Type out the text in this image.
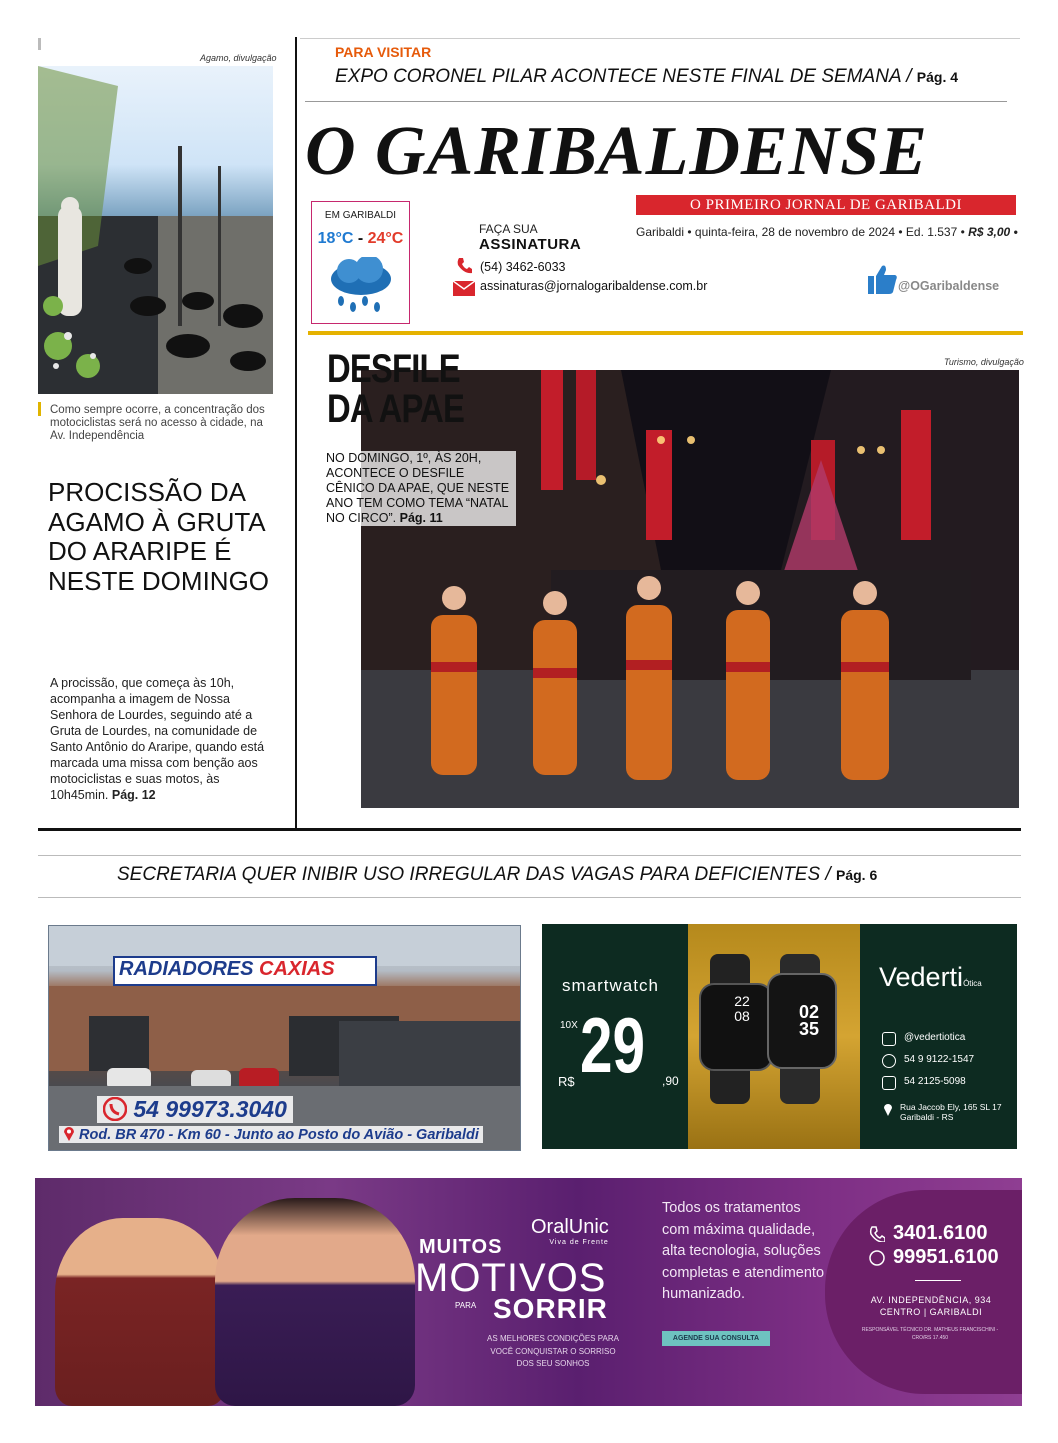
Agamo, divulgação
Como sempre ocorre, a concentração dos motociclistas será no acesso à cidade, na Av. Independência
PROCISSÃO DA AGAMO À GRUTA DO ARARIPE É NESTE DOMINGO
A procissão, que começa às 10h, acompanha a imagem de Nossa Senhora de Lourdes, seguindo até a Gruta de Lourdes, na comunidade de Santo Antônio do Araripe, quando está marcada uma missa com benção aos motociclistas e suas motos, às 10h45min. Pág. 12
PARA VISITAR
EXPO CORONEL PILAR ACONTECE NESTE FINAL DE SEMANA / Pág. 4
O GARIBALDENSE
O PRIMEIRO JORNAL DE GARIBALDI
Garibaldi • quinta-feira, 28 de novembro de 2024 • Ed. 1.537 • R$ 3,00 •
EM GARIBALDI
18°C - 24°C
FAÇA SUA
ASSINATURA
(54) 3462-6033
assinaturas@jornalogaribaldense.com.br	@OGaribaldense
Turismo, divulgação
DESFILE
DA APAE
NO DOMINGO, 1º, ÀS 20H, ACONTECE O DESFILE CÊNICO DA APAE, QUE NESTE ANO TEM COMO TEMA “NATAL NO CIRCO”. Pág. 11
SECRETARIA QUER INIBIR USO IRREGULAR DAS VAGAS PARA DEFICIENTES / Pág. 6
RADIADORES CAXIAS
54 99973.3040
Rod. BR 470 - Km 60 - Junto ao Posto do Avião - Garibaldi
smartwatch
10X 29
R$	,90
22 08	02 35
VedertiÓtica
@vedertiotica
54 9 9122-1547
54 2125-5098
Rua Jaccob Ely, 165 SL 17 Garibaldi - RS
OralUnic
Viva de Frente
MUITOS
MOTIVOS
PARA SORRIR
AS MELHORES CONDIÇÕES PARA VOCÊ CONQUISTAR O SORRISO DOS SEU SONHOS
Todos os tratamentos com máxima qualidade, alta tecnologia, soluções completas e atendimento humanizado.
AGENDE SUA CONSULTA
3401.6100
99951.6100
AV. INDEPENDÊNCIA, 934 CENTRO | GARIBALDI
RESPONSÁVEL TÉCNICO DR. MATHEUS FRANCISCHINI - CRO/RS 17.450
